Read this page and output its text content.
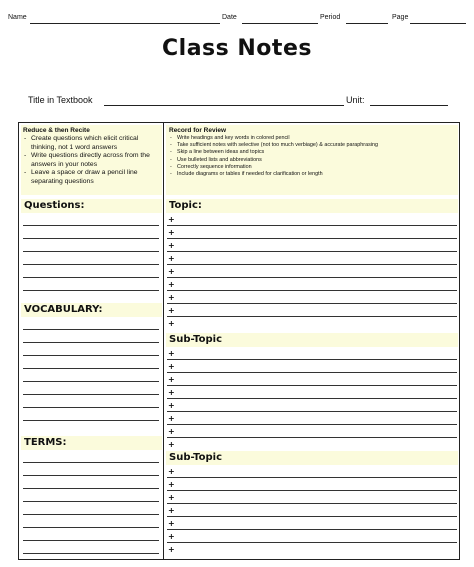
Name	Date	Period	Page
Class Notes
Title in Textbook	Unit:
Reduce & then Recite
- Create questions which elicit critical thinking, not 1 word answers
- Write questions directly across from the answers in your notes
- Leave a space or draw a pencil line separating questions
Record for Review
- Write headings and key words in colored pencil
- Take sufficient notes with selective (not too much verbiage) & accurate paraphrasing
- Skip a line between ideas and topics
- Use bulleted lists and abbreviations
- Correctly sequence information
- Include diagrams or tables if needed for clarification or length
Questions:	Topic:
VOCABULARY:
Sub-Topic
TERMS:
Sub-Topic
+
+
+
+
+
+
+
+
+
+
+
+
+
+
+
+
+
+
+
+
+
+
+
+
